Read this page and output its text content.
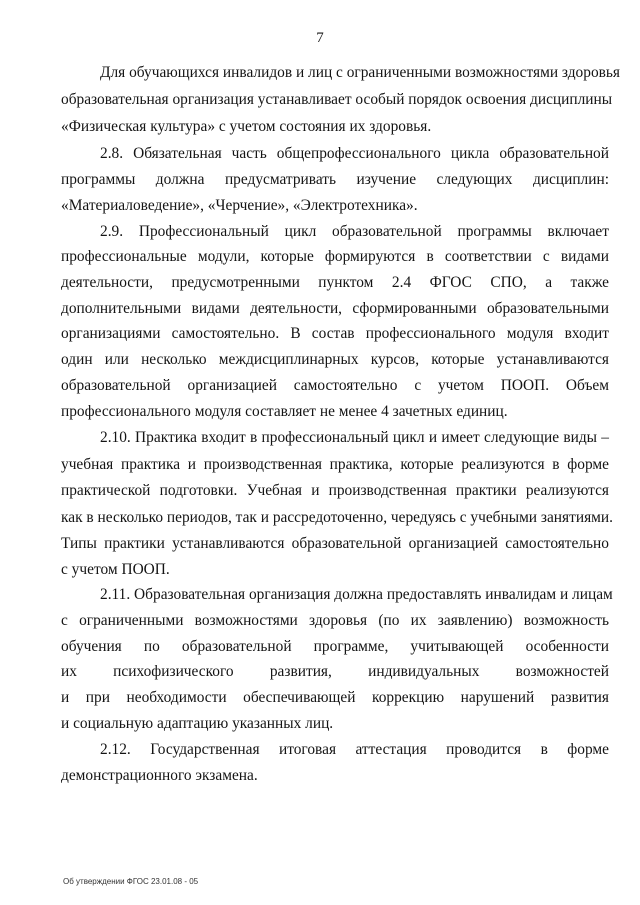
7
Для обучающихся инвалидов и лиц с ограниченными возможностями здоровья
образовательная организация устанавливает особый порядок освоения дисциплины
«Физическая культура» с учетом состояния их здоровья.
2.8. Обязательная часть общепрофессионального цикла образовательной
программы должна предусматривать изучение следующих дисциплин:
«Материаловедение», «Черчение», «Электротехника».
2.9. Профессиональный цикл образовательной программы включает
профессиональные модули, которые формируются в соответствии с видами
деятельности, предусмотренными пунктом 2.4 ФГОС СПО, а также
дополнительными видами деятельности, сформированными образовательными
организациями самостоятельно. В состав профессионального модуля входит
один или несколько междисциплинарных курсов, которые устанавливаются
образовательной организацией самостоятельно с учетом ПООП. Объем
профессионального модуля составляет не менее 4 зачетных единиц.
2.10. Практика входит в профессиональный цикл и имеет следующие виды –
учебная практика и производственная практика, которые реализуются в форме
практической подготовки. Учебная и производственная практики реализуются
как в несколько периодов, так и рассредоточенно, чередуясь с учебными занятиями.
Типы практики устанавливаются образовательной организацией самостоятельно
с учетом ПООП.
2.11. Образовательная организация должна предоставлять инвалидам и лицам
с ограниченными возможностями здоровья (по их заявлению) возможность
обучения по образовательной программе, учитывающей особенности
их психофизического развития, индивидуальных возможностей
и при необходимости обеспечивающей коррекцию нарушений развития
и социальную адаптацию указанных лиц.
2.12. Государственная итоговая аттестация проводится в форме
демонстрационного экзамена.
Об утверждении ФГОС 23.01.08 - 05
